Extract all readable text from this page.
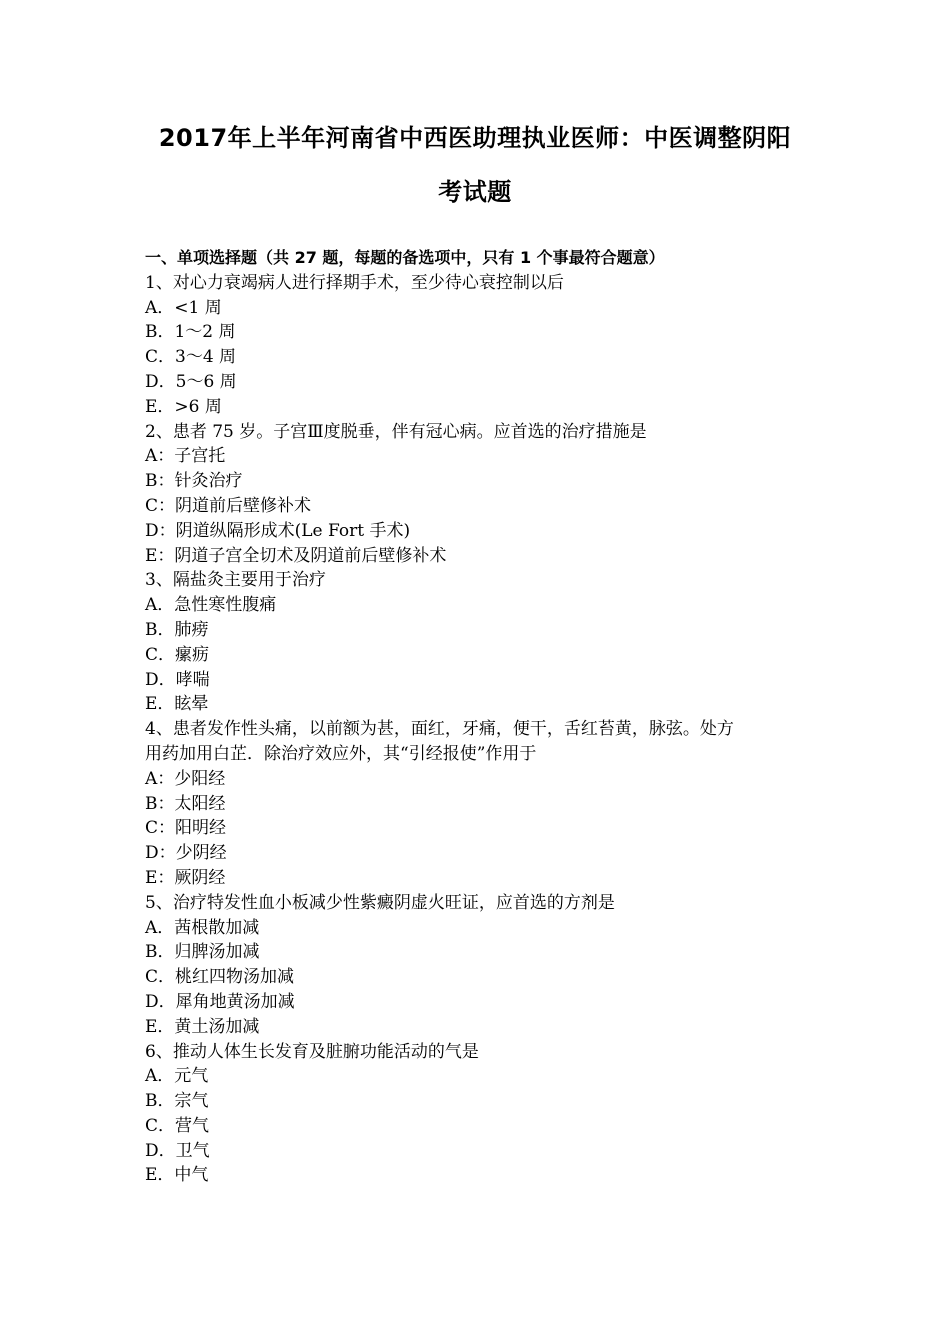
2017年上半年河南省中西医助理执业医师：中医调整阴阳
考试题
一、单项选择题（共 27 题，每题的备选项中，只有 1 个事最符合题意）
1、对心力衰竭病人进行择期手术，至少待心衰控制以后
A．<1 周
B．1～2 周
C．3～4 周
D．5～6 周
E．>6 周
2、患者 75 岁。子宫Ⅲ度脱垂，伴有冠心病。应首选的治疗措施是
A：子宫托
B：针灸治疗
C：阴道前后壁修补术
D：阴道纵隔形成术(Le Fort 手术)
E：阴道子宫全切术及阴道前后壁修补术
3、隔盐灸主要用于治疗
A．急性寒性腹痛
B．肺痨
C．瘰疬
D．哮喘
E．眩晕
4、患者发作性头痛，以前额为甚，面红，牙痛，便干，舌红苔黄，脉弦。处方
用药加用白芷．除治疗效应外，其“引经报使”作用于
A：少阳经
B：太阳经
C：阳明经
D：少阴经
E：厥阴经
5、治疗特发性血小板减少性紫癜阴虚火旺证，应首选的方剂是
A．茜根散加减
B．归脾汤加减
C．桃红四物汤加减
D．犀角地黄汤加减
E．黄土汤加减
6、推动人体生长发育及脏腑功能活动的气是
A．元气
B．宗气
C．营气
D．卫气
E．中气
